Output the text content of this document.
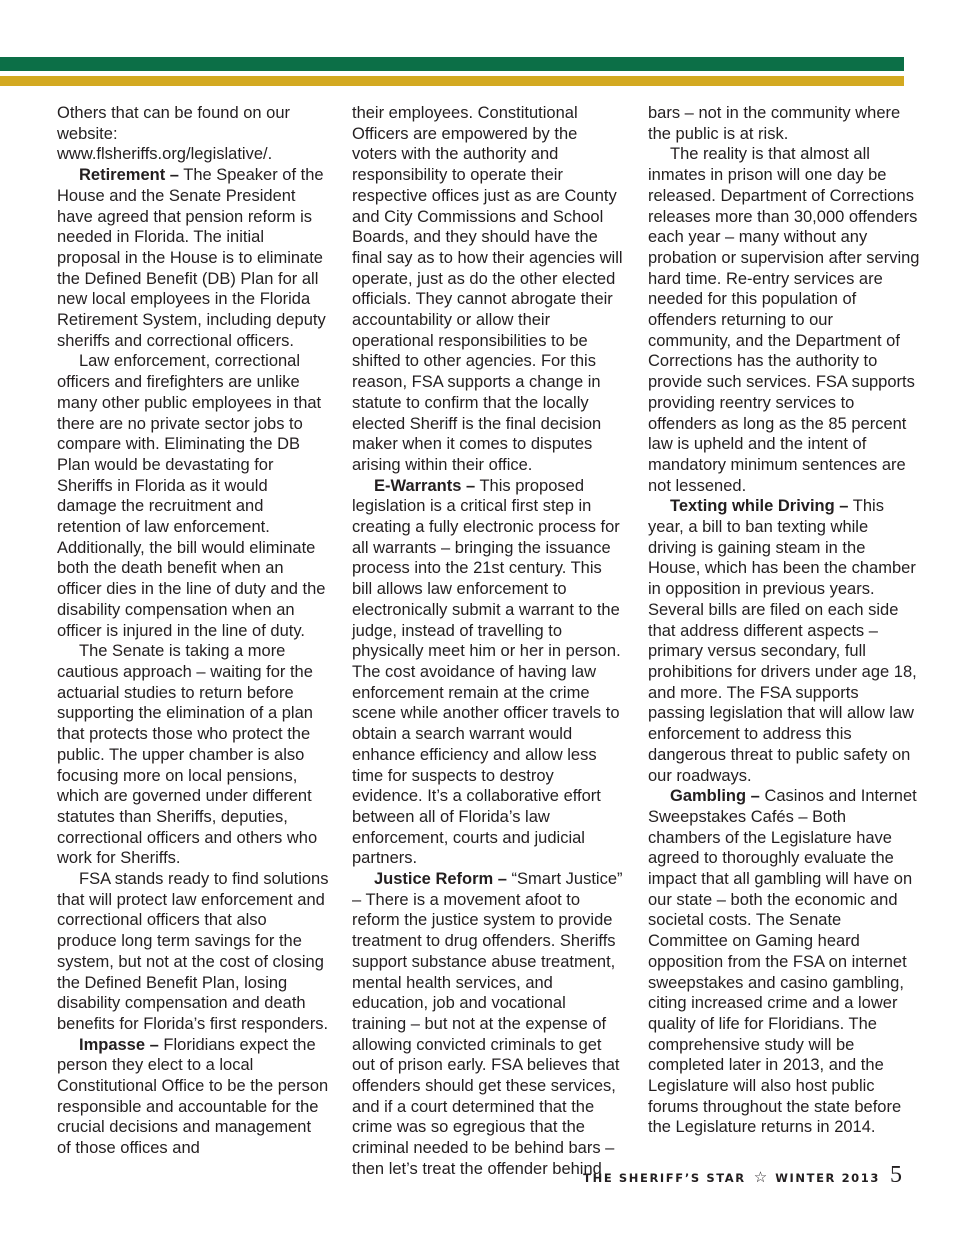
Others that can be found on our website: www.flsheriffs.org/legislative/.

Retirement – The Speaker of the House and the Senate President have agreed that pension reform is needed in Florida. The initial proposal in the House is to eliminate the Defined Benefit (DB) Plan for all new local employees in the Florida Retirement System, including deputy sheriffs and correctional officers.

Law enforcement, correctional officers and firefighters are unlike many other public employees in that there are no private sector jobs to compare with. Eliminating the DB Plan would be devastating for Sheriffs in Florida as it would damage the recruitment and retention of law enforcement. Additionally, the bill would eliminate both the death benefit when an officer dies in the line of duty and the disability compensation when an officer is injured in the line of duty.

The Senate is taking a more cautious approach – waiting for the actuarial studies to return before supporting the elimination of a plan that protects those who protect the public. The upper chamber is also focusing more on local pensions, which are governed under different statutes than Sheriffs, deputies, correctional officers and others who work for Sheriffs.

FSA stands ready to find solutions that will protect law enforcement and correctional officers that also produce long term savings for the system, but not at the cost of closing the Defined Benefit Plan, losing disability compensation and death benefits for Florida’s first responders.

Impasse – Floridians expect the person they elect to a local Constitutional Office to be the person responsible and accountable for the crucial decisions and management of those offices and

their employees. Constitutional Officers are empowered by the voters with the authority and responsibility to operate their respective offices just as are County and City Commissions and School Boards, and they should have the final say as to how their agencies will operate, just as do the other elected officials. They cannot abrogate their accountability or allow their operational responsibilities to be shifted to other agencies. For this reason, FSA supports a change in statute to confirm that the locally elected Sheriff is the final decision maker when it comes to disputes arising within their office.

E-Warrants – This proposed legislation is a critical first step in creating a fully electronic process for all warrants – bringing the issuance process into the 21st century. This bill allows law enforcement to electronically submit a warrant to the judge, instead of travelling to physically meet him or her in person. The cost avoidance of having law enforcement remain at the crime scene while another officer travels to obtain a search warrant would enhance efficiency and allow less time for suspects to destroy evidence. It’s a collaborative effort between all of Florida’s law enforcement, courts and judicial partners.

Justice Reform – “Smart Justice” – There is a movement afoot to reform the justice system to provide treatment to drug offenders. Sheriffs support substance abuse treatment, mental health services, and education, job and vocational training – but not at the expense of allowing convicted criminals to get out of prison early. FSA believes that offenders should get these services, and if a court determined that the crime was so egregious that the criminal needed to be behind bars – then let’s treat the offender behind

bars – not in the community where the public is at risk.

The reality is that almost all inmates in prison will one day be released. Department of Corrections releases more than 30,000 offenders each year – many without any probation or supervision after serving hard time. Re-entry services are needed for this population of offenders returning to our community, and the Department of Corrections has the authority to provide such services. FSA supports providing reentry services to offenders as long as the 85 percent law is upheld and the intent of mandatory minimum sentences are not lessened.

Texting while Driving – This year, a bill to ban texting while driving is gaining steam in the House, which has been the chamber in opposition in previous years. Several bills are filed on each side that address different aspects – primary versus secondary, full prohibitions for drivers under age 18, and more. The FSA supports passing legislation that will allow law enforcement to address this dangerous threat to public safety on our roadways.

Gambling – Casinos and Internet Sweepstakes Cafés – Both chambers of the Legislature have agreed to thoroughly evaluate the impact that all gambling will have on our state – both the economic and societal costs. The Senate Committee on Gaming heard opposition from the FSA on internet sweepstakes and casino gambling, citing increased crime and a lower quality of life for Floridians. The comprehensive study will be completed later in 2013, and the Legislature will also host public forums throughout the state before the Legislature returns in 2014.

THE SHERIFF’S STAR ☆ WINTER 2013 5
